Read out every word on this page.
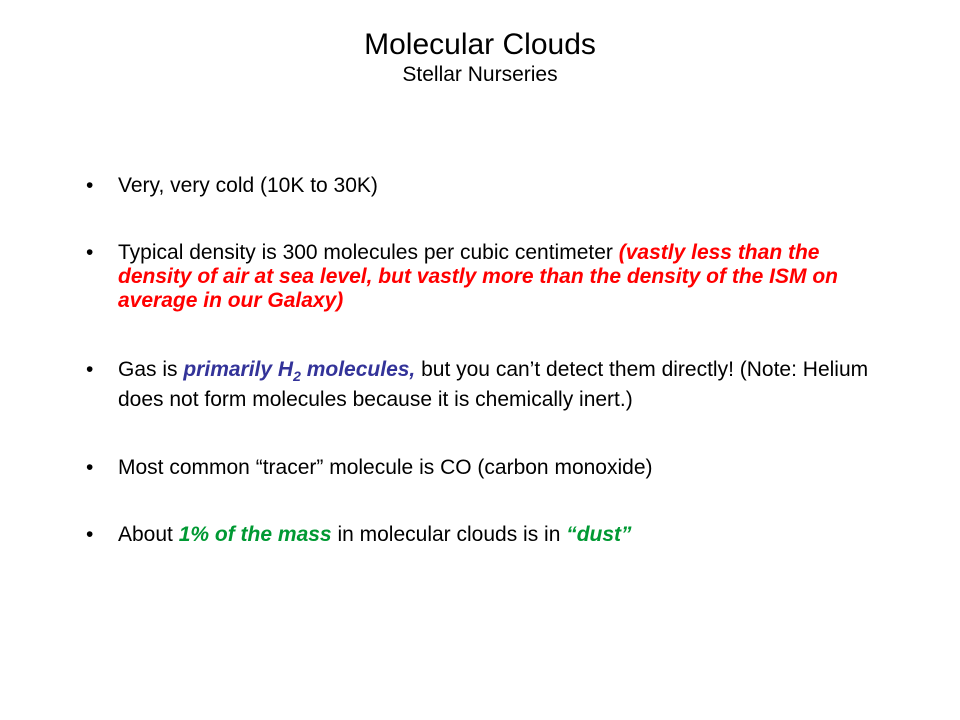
Molecular Clouds
Stellar Nurseries
• Very, very cold (10K to 30K)
• Typical density is 300 molecules per cubic centimeter (vastly less than the density of air at sea level, but vastly more than the density of the ISM on average in our Galaxy)
• Gas is primarily $H_2$ molecules, but you can’t detect them directly! (Note: Helium does not form molecules because it is chemically inert.)
• Most common “tracer” molecule is CO (carbon monoxide)
• About 1% of the mass in molecular clouds is in “dust”
